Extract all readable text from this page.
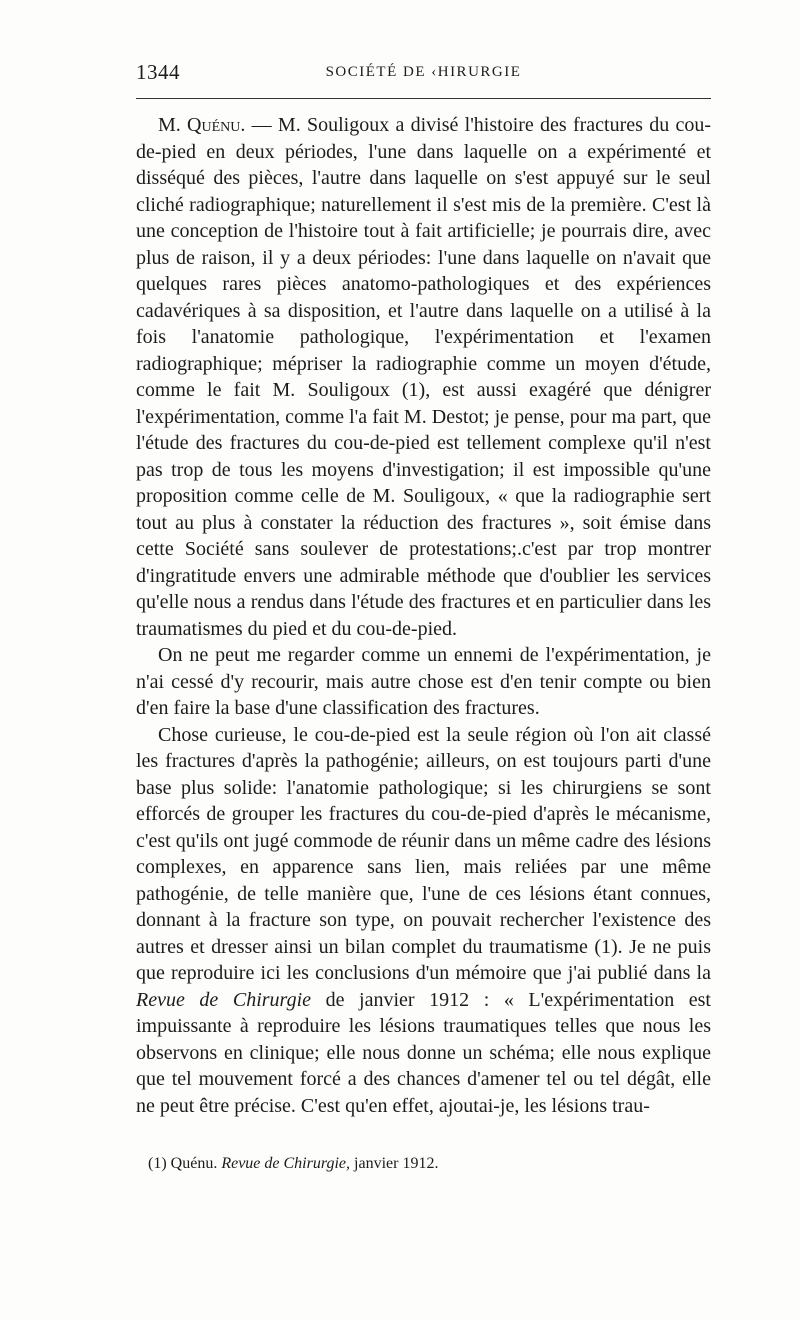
1344	SOCIÉTÉ DE ‹HIRURGIE

M. Quénu. — M. Souligoux a divisé l'histoire des fractures du cou-de-pied en deux périodes, l'une dans laquelle on a expérimenté et disséqué des pièces, l'autre dans laquelle on s'est appuyé sur le seul cliché radiographique; naturellement il s'est mis de la première. C'est là une conception de l'histoire tout à fait artificielle; je pourrais dire, avec plus de raison, il y a deux périodes: l'une dans laquelle on n'avait que quelques rares pièces anatomo-pathologiques et des expériences cadavériques à sa disposition, et l'autre dans laquelle on a utilisé à la fois l'anatomie pathologique, l'expérimentation et l'examen radiographique; mépriser la radiographie comme un moyen d'étude, comme le fait M. Souligoux (1), est aussi exagéré que dénigrer l'expérimentation, comme l'a fait M. Destot; je pense, pour ma part, que l'étude des fractures du cou-de-pied est tellement complexe qu'il n'est pas trop de tous les moyens d'investigation; il est impossible qu'une proposition comme celle de M. Souligoux, « que la radiographie sert tout au plus à constater la réduction des fractures », soit émise dans cette Société sans soulever de protestations;.c'est par trop montrer d'ingratitude envers une admirable méthode que d'oublier les services qu'elle nous a rendus dans l'étude des fractures et en particulier dans les traumatismes du pied et du cou-de-pied.

On ne peut me regarder comme un ennemi de l'expérimentation, je n'ai cessé d'y recourir, mais autre chose est d'en tenir compte ou bien d'en faire la base d'une classification des fractures.

Chose curieuse, le cou-de-pied est la seule région où l'on ait classé les fractures d'après la pathogénie; ailleurs, on est toujours parti d'une base plus solide: l'anatomie pathologique; si les chirurgiens se sont efforcés de grouper les fractures du cou-de-pied d'après le mécanisme, c'est qu'ils ont jugé commode de réunir dans un même cadre des lésions complexes, en apparence sans lien, mais reliées par une même pathogénie, de telle manière que, l'une de ces lésions étant connues, donnant à la fracture son type, on pouvait rechercher l'existence des autres et dresser ainsi un bilan complet du traumatisme (1). Je ne puis que reproduire ici les conclusions d'un mémoire que j'ai publié dans la Revue de Chirurgie de janvier 1912 : « L'expérimentation est impuissante à reproduire les lésions traumatiques telles que nous les observons en clinique; elle nous donne un schéma; elle nous explique que tel mouvement forcé a des chances d'amener tel ou tel dégât, elle ne peut être précise. C'est qu'en effet, ajoutai-je, les lésions trau-

(1) Quénu. Revue de Chirurgie, janvier 1912.
